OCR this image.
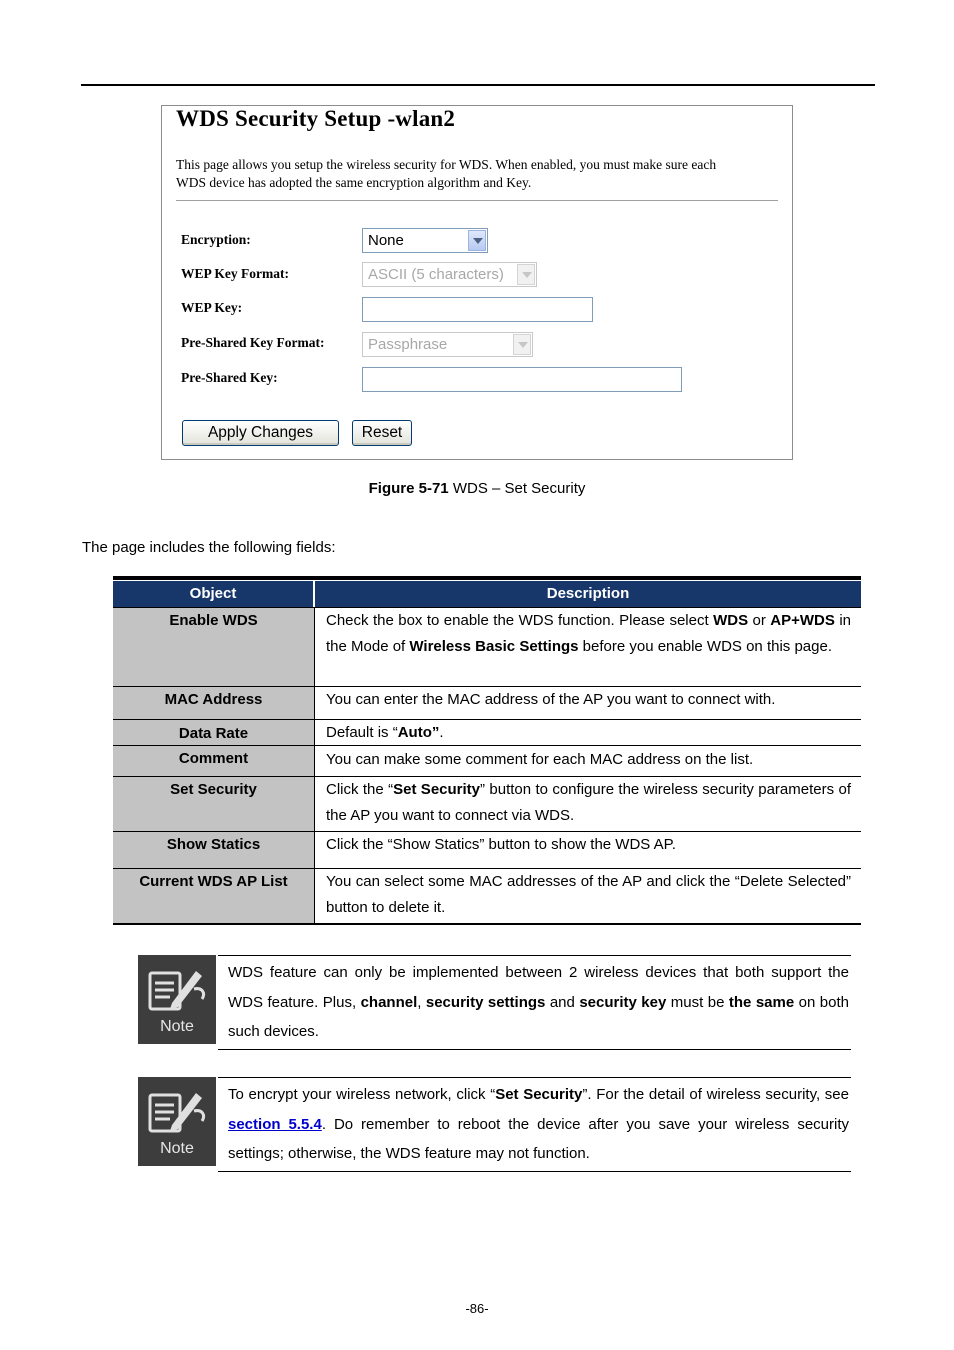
WDS Security Setup -wlan2
This page allows you setup the wireless security for WDS. When enabled, you must make sure each
WDS device has adopted the same encryption algorithm and Key.
Encryption:	None
WEP Key Format:	ASCII (5 characters)
WEP Key:
Pre-Shared Key Format:	Passphrase
Pre-Shared Key:
Apply Changes	Reset
Figure 5-71 WDS – Set Security
The page includes the following fields:
Object	Description
Enable WDS	Check the box to enable the WDS function. Please select WDS or AP+WDS in the Mode of Wireless Basic Settings before you enable WDS on this page.
MAC Address	You can enter the MAC address of the AP you want to connect with.
Data Rate	Default is “Auto”.
Comment	You can make some comment for each MAC address on the list.
Set Security	Click the “Set Security” button to configure the wireless security parameters of the AP you want to connect via WDS.
Show Statics	Click the “Show Statics” button to show the WDS AP.
Current WDS AP List	You can select some MAC addresses of the AP and click the “Delete Selected” button to delete it.
Note
WDS feature can only be implemented between 2 wireless devices that both support the WDS feature. Plus, channel, security settings and security key must be the same on both such devices.
Note
To encrypt your wireless network, click “Set Security”. For the detail of wireless security, see section 5.5.4. Do remember to reboot the device after you save your wireless security settings; otherwise, the WDS feature may not function.
-86-
